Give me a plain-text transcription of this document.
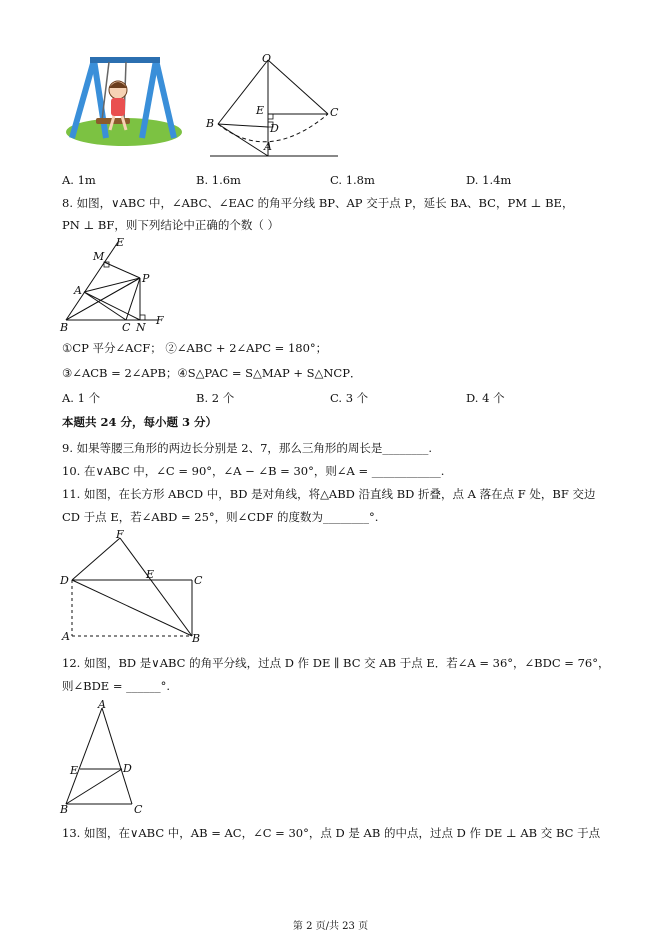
O
E	C
B	D
A
A. 1m	B. 1.6m	C. 1.8m	D. 1.4m
8. 如图，∨ABC 中，∠ABC、∠EAC 的角平分线 BP、AP 交于点 P，延长 BA、BC，PM ⊥ BE，
PN ⊥ BF，则下列结论中正确的个数（ ）
E
M
P
A
B	C N
F
①CP 平分∠ACF； ②∠ABC + 2∠APC = 180°；
③∠ACB = 2∠APB；④S△PAC = S△MAP + S△NCP．
A. 1 个	B. 2 个	C. 3 个	D. 4 个
本题共 24 分，每小题 3 分）
9. 如果等腰三角形的两边长分别是 2、7，那么三角形的周长是________.
10. 在∨ABC 中，∠C = 90°，∠A − ∠B = 30°，则∠A = ____________.
11. 如图，在长方形 ABCD 中，BD 是对角线，将△ABD 沿直线 BD 折叠，点 A 落在点 F 处，BF 交边
CD 于点 E，若∠ABD = 25°，则∠CDF 的度数为________°.
F
D	E	C
A	B
12. 如图，BD 是∨ABC 的角平分线，过点 D 作 DE ∥ BC 交 AB 于点 E．若∠A = 36°，∠BDC = 76°，
则∠BDE = ______°.
A
E	D
B	C
13. 如图，在∨ABC 中，AB = AC，∠C = 30°，点 D 是 AB 的中点，过点 D 作 DE ⊥ AB 交 BC 于点
第 2 页/共 23 页
